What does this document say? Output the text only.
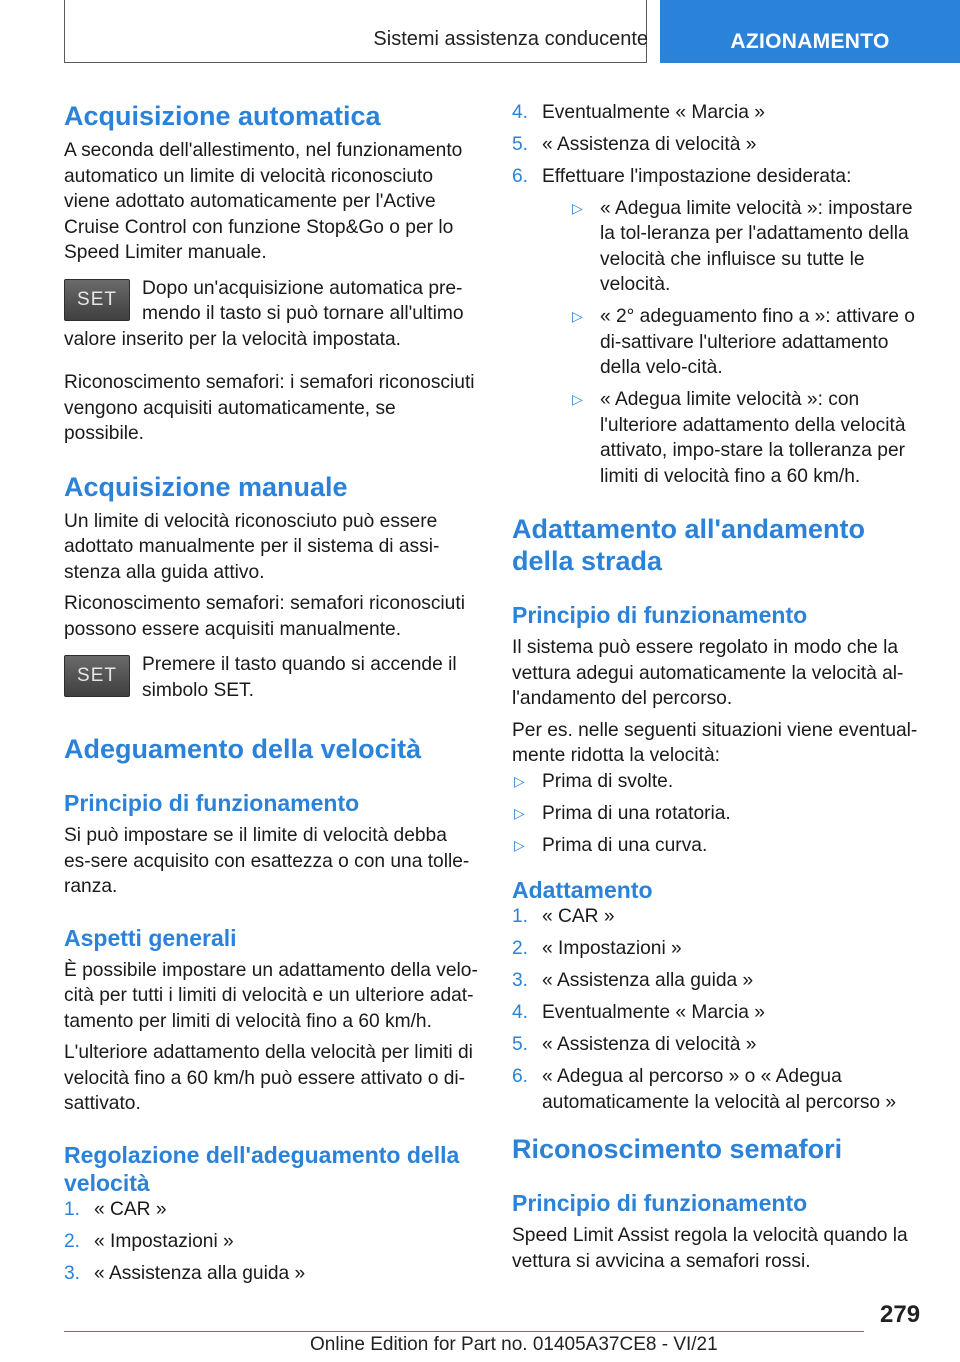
Sistemi assistenza conducente	AZIONAMENTO
Acquisizione automatica

A seconda dell'allestimento, nel funzionamento automatico un limite di velocità riconosciuto viene adottato automaticamente per l'Active Cruise Control con funzione Stop&Go o per lo Speed Limiter manuale.

SET

Dopo un'acquisizione automatica pre-mendo il tasto si può tornare all'ultimo valore inserito per la velocità impostata.

Riconoscimento semafori: i semafori riconosciuti vengono acquisiti automaticamente, se possibile.

Acquisizione manuale

Un limite di velocità riconosciuto può essere adottato manualmente per il sistema di assi-stenza alla guida attivo.

Riconoscimento semafori: semafori riconosciuti possono essere acquisiti manualmente.

SET

Premere il tasto quando si accende il simbolo SET.

Adeguamento della velocità
Principio di funzionamento

Si può impostare se il limite di velocità debba es-sere acquisito con esattezza o con una tolle-ranza.

Aspetti generali

È possibile impostare un adattamento della velo-cità per tutti i limiti di velocità e un ulteriore adat-tamento per limiti di velocità fino a 60 km/h.

L'ulteriore adattamento della velocità per limiti di velocità fino a 60 km/h può essere attivato o di-sattivato.

Regolazione dell'adeguamento della velocità
1. « CAR »
2. « Impostazioni »
3. « Assistenza alla guida »
4. Eventualmente « Marcia »
5. « Assistenza di velocità »
6. Effettuare l'impostazione desiderata:
▷ « Adegua limite velocità »: impostare la tol-leranza per l'adattamento della velocità che influisce su tutte le velocità.
▷ « 2° adeguamento fino a »: attivare o di-sattivare l'ulteriore adattamento della velo-cità.
▷ « Adegua limite velocità »: con l'ulteriore adattamento della velocità attivato, impo-stare la tolleranza per limiti di velocità fino a 60 km/h.
Adattamento all'andamento della strada
Principio di funzionamento

Il sistema può essere regolato in modo che la vettura adegui automaticamente la velocità al-l'andamento del percorso.

Per es. nelle seguenti situazioni viene eventual-mente ridotta la velocità:

▷ Prima di svolte.
▷ Prima di una rotatoria.
▷ Prima di una curva.
Adattamento
1. « CAR »
2. « Impostazioni »
3. « Assistenza alla guida »
4. Eventualmente « Marcia »
5. « Assistenza di velocità »
6. « Adegua al percorso » o « Adegua automaticamente la velocità al percorso »
Riconoscimento semafori
Principio di funzionamento

Speed Limit Assist regola la velocità quando la vettura si avvicina a semafori rossi.

279
Online Edition for Part no. 01405A37CE8 - VI/21
